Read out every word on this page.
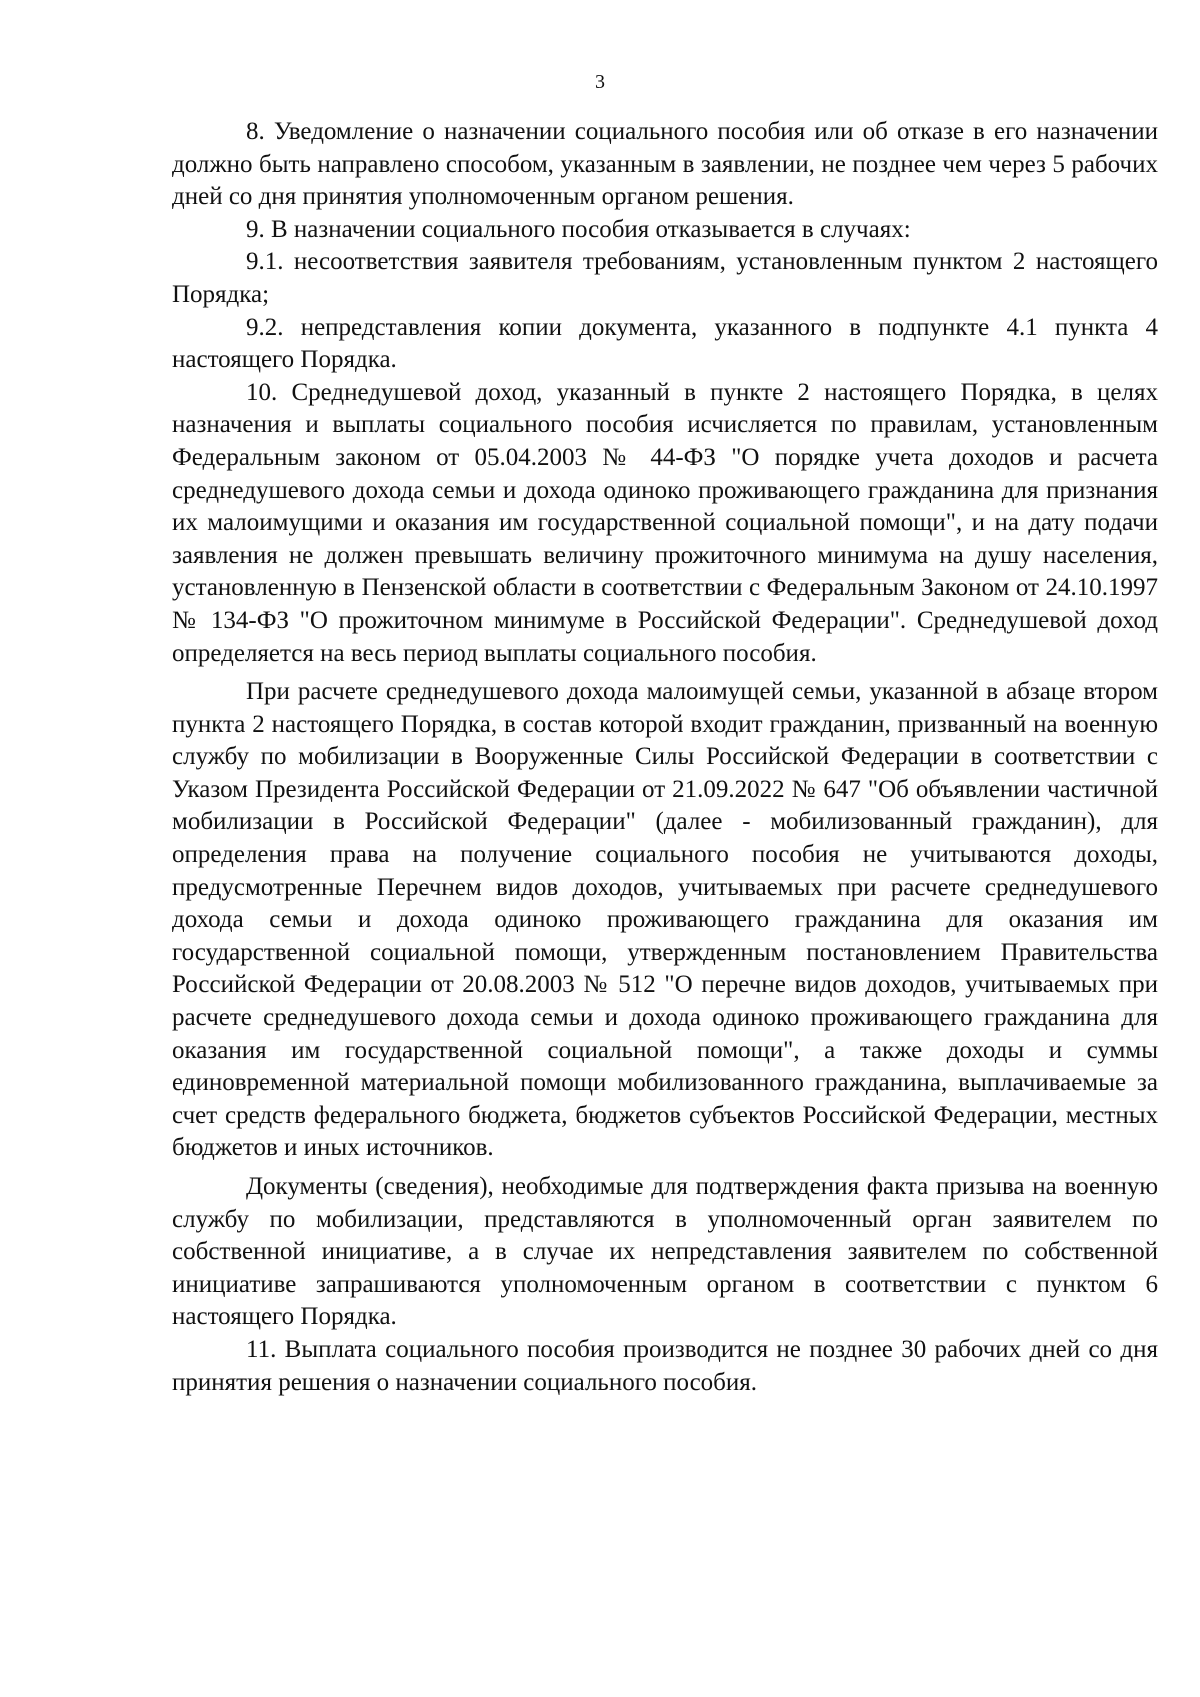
3

8. Уведомление о назначении социального пособия или об отказе в его назначении должно быть направлено способом, указанным в заявлении, не позднее чем через 5 рабочих дней со дня принятия уполномоченным органом решения.

9. В назначении социального пособия отказывается в случаях:

9.1. несоответствия заявителя требованиям, установленным пунктом 2 настоящего Порядка;

9.2. непредставления копии документа, указанного в подпункте 4.1 пункта 4 настоящего Порядка.

10. Среднедушевой доход, указанный в пункте 2 настоящего Порядка, в целях назначения и выплаты социального пособия исчисляется по правилам, установленным Федеральным законом от 05.04.2003 № 44-ФЗ "О порядке учета доходов и расчета среднедушевого дохода семьи и дохода одиноко проживающего гражданина для признания их малоимущими и оказания им государственной социальной помощи", и на дату подачи заявления не должен превышать величину прожиточного минимума на душу населения, установленную в Пензенской области в соответствии с Федеральным Законом от 24.10.1997 № 134-ФЗ "О прожиточном минимуме в Российской Федерации". Среднедушевой доход определяется на весь период выплаты социального пособия.

При расчете среднедушевого дохода малоимущей семьи, указанной в абзаце втором пункта 2 настоящего Порядка, в состав которой входит гражданин, призванный на военную службу по мобилизации в Вооруженные Силы Российской Федерации в соответствии с Указом Президента Российской Федерации от 21.09.2022 № 647 "Об объявлении частичной мобилизации в Российской Федерации" (далее - мобилизованный гражданин), для определения права на получение социального пособия не учитываются доходы, предусмотренные Перечнем видов доходов, учитываемых при расчете среднедушевого дохода семьи и дохода одиноко проживающего гражданина для оказания им государственной социальной помощи, утвержденным постановлением Правительства Российской Федерации от 20.08.2003 № 512 "О перечне видов доходов, учитываемых при расчете среднедушевого дохода семьи и дохода одиноко проживающего гражданина для оказания им государственной социальной помощи", а также доходы и суммы единовременной материальной помощи мобилизованного гражданина, выплачиваемые за счет средств федерального бюджета, бюджетов субъектов Российской Федерации, местных бюджетов и иных источников.

Документы (сведения), необходимые для подтверждения факта призыва на военную службу по мобилизации, представляются в уполномоченный орган заявителем по собственной инициативе, а в случае их непредставления заявителем по собственной инициативе запрашиваются уполномоченным органом в соответствии с пунктом 6 настоящего Порядка.

11. Выплата социального пособия производится не позднее 30 рабочих дней со дня принятия решения о назначении социального пособия.
